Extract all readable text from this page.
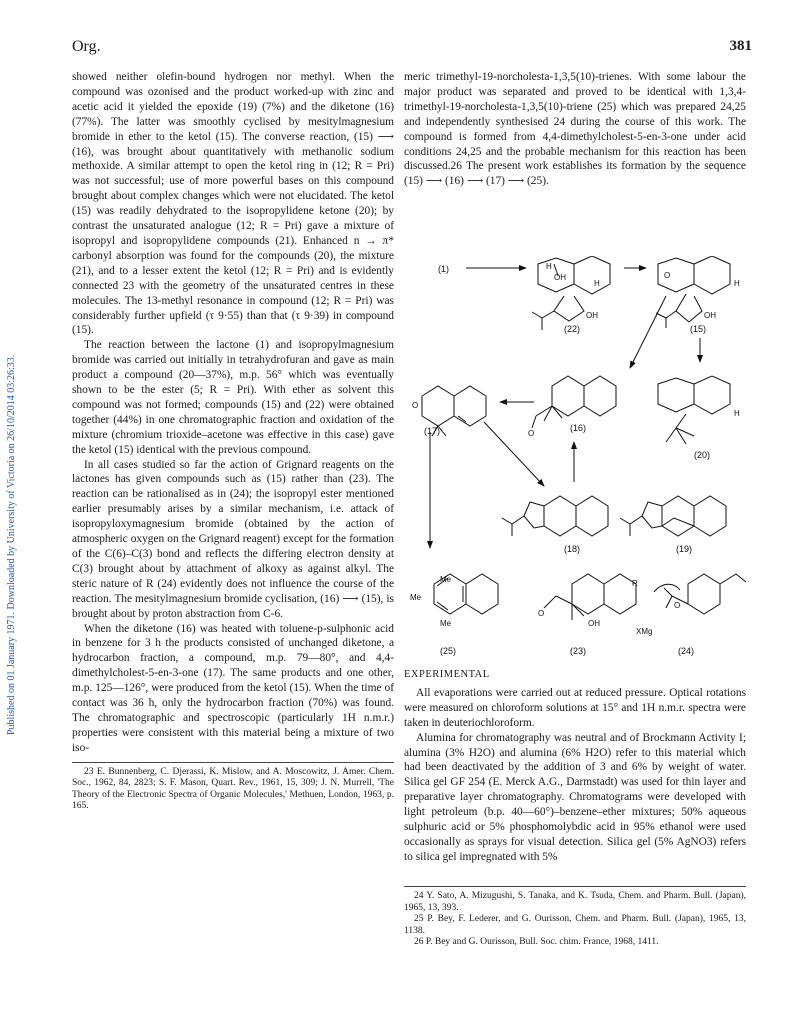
Org.	381
Published on 01 January 1971. Downloaded by University of Victoria on 26/10/2014 03:26:33.

showed neither olefin-bound hydrogen nor methyl. When the compound was ozonised and the product worked-up with zinc and acetic acid it yielded the epoxide (19) (7%) and the diketone (16) (77%). The latter was smoothly cyclised by mesitylmagnesium bromide in ether to the ketol (15). The converse reaction, (15) ⟶ (16), was brought about quantitatively with methanolic sodium methoxide. A similar attempt to open the ketol ring in (12; R = Pri) was not successful; use of more powerful bases on this compound brought about complex changes which were not elucidated. The ketol (15) was readily dehydrated to the isopropylidene ketone (20); by contrast the unsaturated analogue (12; R = Pri) gave a mixture of isopropyl and isopropylidene compounds (21). Enhanced n → π* carbonyl absorption was found for the compounds (20), the mixture (21), and to a lesser extent the ketol (12; R = Pri) and is evidently connected 23 with the geometry of the unsaturated centres in these molecules. The 13-methyl resonance in compound (12; R = Pri) was considerably further upfield (τ 9·55) than that (τ 9·39) in compound (15).

The reaction between the lactone (1) and isopropylmagnesium bromide was carried out initially in tetrahydrofuran and gave as main product a compound (20—37%), m.p. 56° which was eventually shown to be the ester (5; R = Pri). With ether as solvent this compound was not formed; compounds (15) and (22) were obtained together (44%) in one chromatographic fraction and oxidation of the mixture (chromium trioxide–acetone was effective in this case) gave the ketol (15) identical with the previous compound.

In all cases studied so far the action of Grignard reagents on the lactones has given compounds such as (15) rather than (23). The reaction can be rationalised as in (24); the isopropyl ester mentioned earlier presumably arises by a similar mechanism, i.e. attack of isopropyloxymagnesium bromide (obtained by the action of atmospheric oxygen on the Grignard reagent) except for the formation of the C(6)–C(3) bond and reflects the differing electron density at C(3) brought about by attachment of alkoxy as against alkyl. The steric nature of R (24) evidently does not influence the course of the reaction. The mesitylmagnesium bromide cyclisation, (16) ⟶ (15), is brought about by proton abstraction from C-6.

When the diketone (16) was heated with toluene-p-sulphonic acid in benzene for 3 h the products consisted of unchanged diketone, a hydrocarbon fraction, a compound, m.p. 79—80°, and 4,4-dimethylcholest-5-en-3-one (17). The same products and one other, m.p. 125—126°, were produced from the ketol (15). When the time of contact was 36 h, only the hydrocarbon fraction (70%) was found. The chromatographic and spectroscopic (particularly 1H n.m.r.) properties were consistent with this material being a mixture of two iso-

23 E. Bunnenberg, C. Djerassi, K. Mislow, and A. Moscowitz, J. Amer. Chem. Soc., 1962, 84, 2823; S. F. Mason, Quart. Rev., 1961, 15, 309; J. N. Murrell, 'The Theory of the Electronic Spectra of Organic Molecules,' Methuen, London, 1963, p. 165.

meric trimethyl-19-norcholesta-1,3,5(10)-trienes. With some labour the major product was separated and proved to be identical with 1,3,4-trimethyl-19-norcholesta-1,3,5(10)-triene (25) which was prepared 24,25 and independently synthesised 24 during the course of this work. The compound is formed from 4,4-dimethylcholest-5-en-3-one under acid conditions 24,25 and the probable mechanism for this reaction has been discussed.26 The present work establishes its formation by the sequence (15) ⟶ (16) ⟶ (17) ⟶ (25).

(1)
(22)	(15)
(17)	(16)
(20)
(18)	(19)
(25)	(23)	(24)
H
OH
H
OH
O
H
OH
H
O
O
Me
Me
Me
O
OH
R
XMg
O
EXPERIMENTAL

All evaporations were carried out at reduced pressure. Optical rotations were measured on chloroform solutions at 15° and 1H n.m.r. spectra were taken in deuteriochloroform.

Alumina for chromatography was neutral and of Brockmann Activity I; alumina (3% H2O) and alumina (6% H2O) refer to this material which had been deactivated by the addition of 3 and 6% by weight of water. Silica gel GF 254 (E. Merck A.G., Darmstadt) was used for thin layer and preparative layer chromatography. Chromatograms were developed with light petroleum (b.p. 40—60°)–benzene–ether mixtures; 50% aqueous sulphuric acid or 5% phosphomolybdic acid in 95% ethanol were used occasionally as sprays for visual detection. Silica gel (5% AgNO3) refers to silica gel impregnated with 5%

24 Y. Sato, A. Mizugushi, S. Tanaka, and K. Tsuda, Chem. and Pharm. Bull. (Japan), 1965, 13, 393.

25 P. Bey, F. Lederer, and G. Ourisson, Chem. and Pharm. Bull. (Japan), 1965, 13, 1138.

26 P. Bey and G. Ourisson, Bull. Soc. chim. France, 1968, 1411.
